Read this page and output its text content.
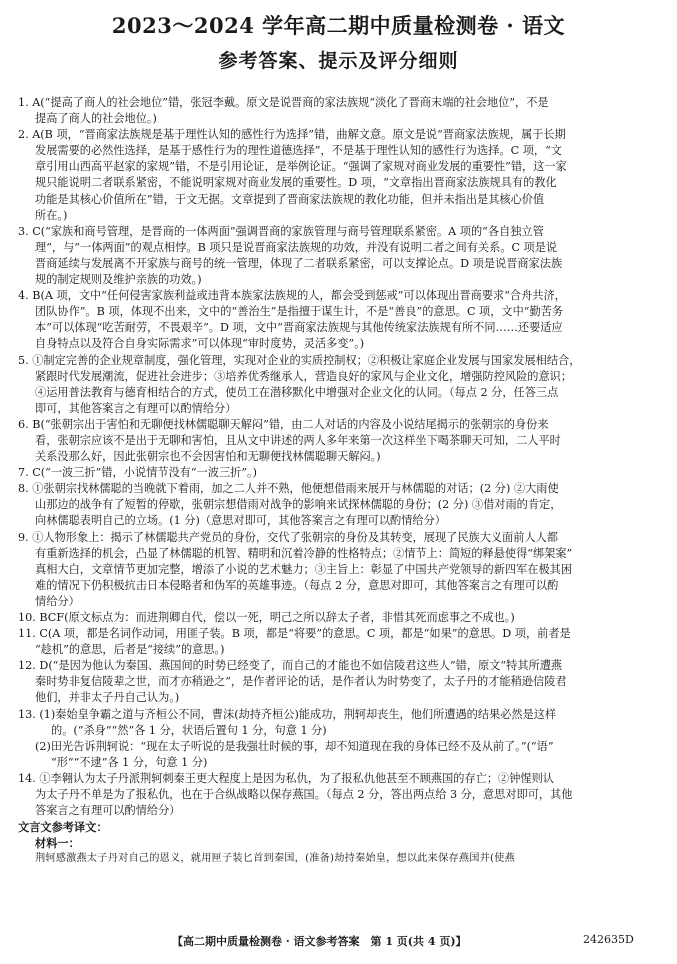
2023～2024 学年高二期中质量检测卷 · 语文
参考答案、提示及评分细则
1. A(“提高了商人的社会地位”错，张冠李戴。原文是说晋商的家法族规“淡化了晋商末端的社会地位”，不是
提高了商人的社会地位。)
2. A(B 项，“晋商家法族规是基于理性认知的感性行为选择”错，曲解文意。原文是说“晋商家法族规，属于长期
发展需要的必然性选择，是基于感性行为的理性道德选择”，不是基于理性认知的感性行为选择。C 项，“文
章引用山西高平赵家的家规”错，不是引用论证，是举例论证。“强调了家规对商业发展的重要性”错，这一家
规只能说明二者联系紧密，不能说明家规对商业发展的重要性。D 项，“文章指出晋商家法族规具有的教化
功能是其核心价值所在”错，于文无据。文章提到了晋商家法族规的教化功能，但并未指出是其核心价值
所在。)
3. C(“家族和商号管理，是晋商的一体两面”强调晋商的家族管理与商号管理联系紧密。A 项的“各自独立管
理”，与“一体两面”的观点相悖。B 项只是说晋商家法族规的功效，并没有说明二者之间有关系。C 项是说
晋商延续与发展离不开家族与商号的统一管理，体现了二者联系紧密，可以支撑论点。D 项是说晋商家法族
规的制定规则及维护亲族的功效。)
4. B(A 项，文中“任何侵害家族利益或违背本族家法族规的人，都会受到惩戒”可以体现出晋商要求“合舟共济，
团队协作”。B 项，体现不出来，文中的“善治生”是指擅于谋生计，不是“善良”的意思。C 项，文中“勤苦务
本”可以体现“吃苦耐劳，不畏艰辛”。D 项，文中“晋商家法族规与其他传统家法族规有所不同……还要适应
自身特点以及符合自身实际需求”可以体现“审时度势，灵活多变”。)
5. ①制定完善的企业规章制度，强化管理，实现对企业的实质控制权；②积极让家庭企业发展与国家发展相结合，
紧跟时代发展潮流，促进社会进步；③培养优秀继承人，营造良好的家风与企业文化，增强防控风险的意识；
④运用普法教育与德育相结合的方式，使员工在潜移默化中增强对企业文化的认同。（每点 2 分，任答三点
即可，其他答案言之有理可以酌情给分）
6. B(“张朝宗出于害怕和无聊便找林儒聪聊天解闷”错，由二人对话的内容及小说结尾揭示的张朝宗的身份来
看，张朝宗应该不是出于无聊和害怕，且从文中讲述的两人多年来第一次这样坐下喝茶聊天可知，二人平时
关系没那么好，因此张朝宗也不会因害怕和无聊便找林儒聪聊天解闷。)
7. C(“一波三折”错，小说情节没有“一波三折”。)
8. ①张朝宗找林儒聪的当晚就下着雨，加之二人并不熟，他便想借雨来展开与林儒聪的对话；(2 分) ②大雨使
山那边的战争有了短暂的停歇，张朝宗想借雨对战争的影响来试探林儒聪的身份；(2 分) ③借对雨的肯定，
向林儒聪表明自己的立场。(1 分)（意思对即可，其他答案言之有理可以酌情给分）
9. ①人物形象上：揭示了林儒聪共产党员的身份，交代了张朝宗的身份及其转变，展现了民族大义面前人人都
有重新选择的机会，凸显了林儒聪的机智、精明和沉着冷静的性格特点；②情节上：简短的释悬使得“绑架案”
真相大白，文章情节更加完整，增添了小说的艺术魅力；③主旨上：彰显了中国共产党领导的新四军在极其困
难的情况下仍积极抗击日本侵略者和伪军的英雄事迹。（每点 2 分，意思对即可，其他答案言之有理可以酌
情给分）
10. BCF(原文标点为：而进荆卿自代，偿以一死，明己之所以辞太子者，非惜其死而虑事之不成也。)
11. C(A 项，都是名词作动词，用匪子装。B 项，都是“将要”的意思。C 项，都是“如果”的意思。D 项，前者是
“趁机”的意思，后者是“接续”的意思。)
12. D(“是因为他认为秦国、燕国间的时势已经变了，而自己的才能也不如信陵君这些人”错，原文“特其所遭燕
秦时势非复信陵辈之世，而才亦稍逊之”，是作者评论的话，是作者认为时势变了，太子丹的才能稍逊信陵君
他们，并非太子丹自己认为。)
13. (1)秦始皇争霸之道与齐桓公不同，曹沫(劫持齐桓公)能成功，荆轲却丧生，他们所遭遇的结果必然是这样
的。(“杀身”“然”各 1 分，状语后置句 1 分，句意 1 分)
(2)田光告诉荆轲说：“现在太子听说的是我强壮时候的事，却不知道现在我的身体已经不及从前了。”(“语”
“形”“不逮”各 1 分，句意 1 分)
14. ①李翱认为太子丹派荆轲刺秦王更大程度上是因为私仇，为了报私仇他甚至不顾燕国的存亡；②钟惺则认
为太子丹不单是为了报私仇，也在于合纵战略以保存燕国。（每点 2 分，答出两点给 3 分，意思对即可，其他
答案言之有理可以酌情给分）
文言文参考译文：
材料一：
荆轲感激燕太子丹对自己的恩义，就用匣子装匕首到秦国，(准备)劫持秦始皇，想以此来保存燕国并(使燕
【高二期中质量检测卷 · 语文参考答案　第 1 页(共 4 页)】	242635D
